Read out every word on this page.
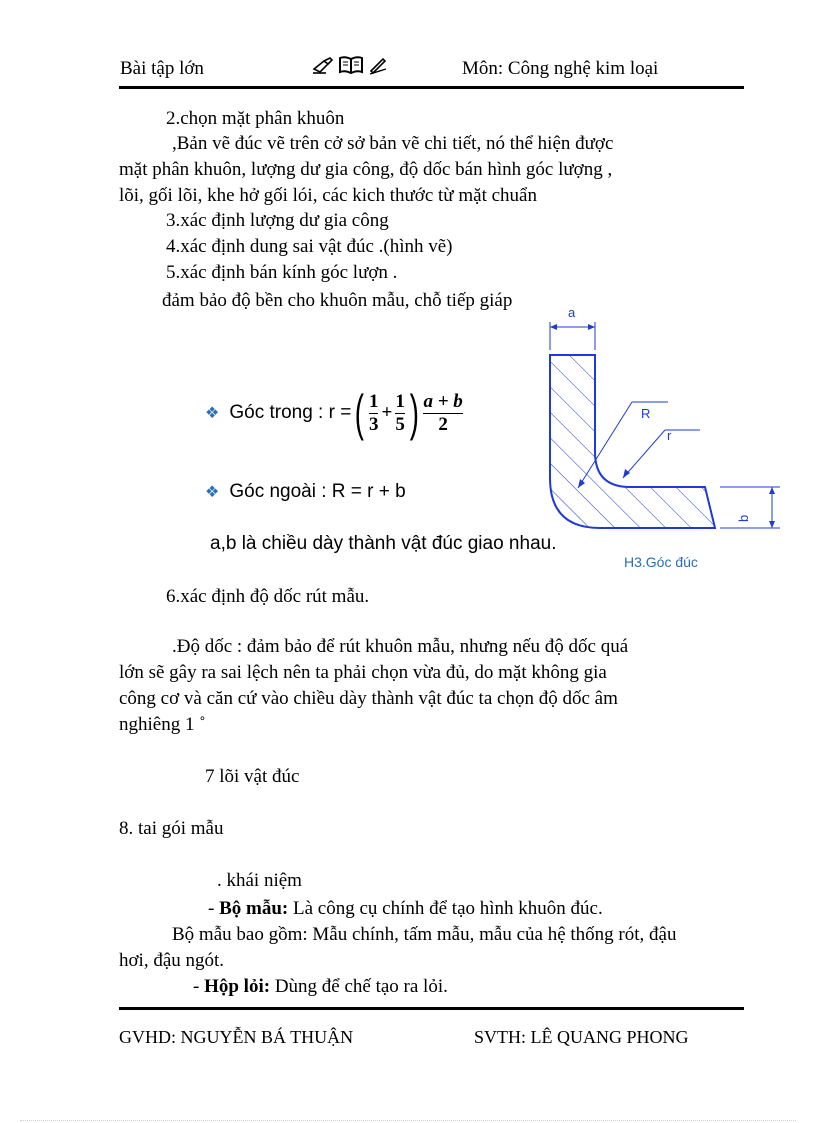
Bài tập lớn
	Môn: Công nghệ kim loại
2.chọn mặt phân khuôn
,Bản vẽ đúc vẽ trên cở sở bản vẽ chi tiết, nó thể hiện được
mặt phân khuôn, lượng dư gia công, độ dốc bán hình góc lượng ,
lõi, gối lõi, khe hở gối lói, các kich thước từ mặt chuẩn
3.xác định lượng dư gia công
4.xác định dung sai vật đúc .(hình vẽ)
5.xác định bán kính góc lượn .
đảm bảo độ bền cho khuôn mẫu, chỗ tiếp giáp
❖ Góc trong : r = ( $\frac{1}{3} + \frac{1}{5}$ ) $\frac{a + b}{2}$
❖ Góc ngoài : R = r + b
a,b là chiều dày thành vật đúc giao nhau.
a
b
R
r
H3.Góc đúc
6.xác định độ dốc rút mẫu.
.Độ dốc : đảm bảo để rút khuôn mẫu, nhưng nếu độ dốc quá
lớn sẽ gây ra sai lệch nên ta phải chọn vừa đủ, do mặt không gia
công cơ và căn cứ vào chiều dày thành vật đúc ta chọn độ dốc âm
nghiêng 1 ˚
7 lõi vật đúc
8. tai gói mẫu
. khái niệm
- Bộ mẫu: Là công cụ chính để tạo hình khuôn đúc.
Bộ mẫu bao gồm: Mẫu chính, tấm mẫu, mẫu của hệ thống rót, đậu
hơi, đậu ngót.
- Hộp lỏi: Dùng để chế tạo ra lỏi.
GVHD: NGUYỄN BÁ THUẬN	SVTH: LÊ QUANG PHONG
